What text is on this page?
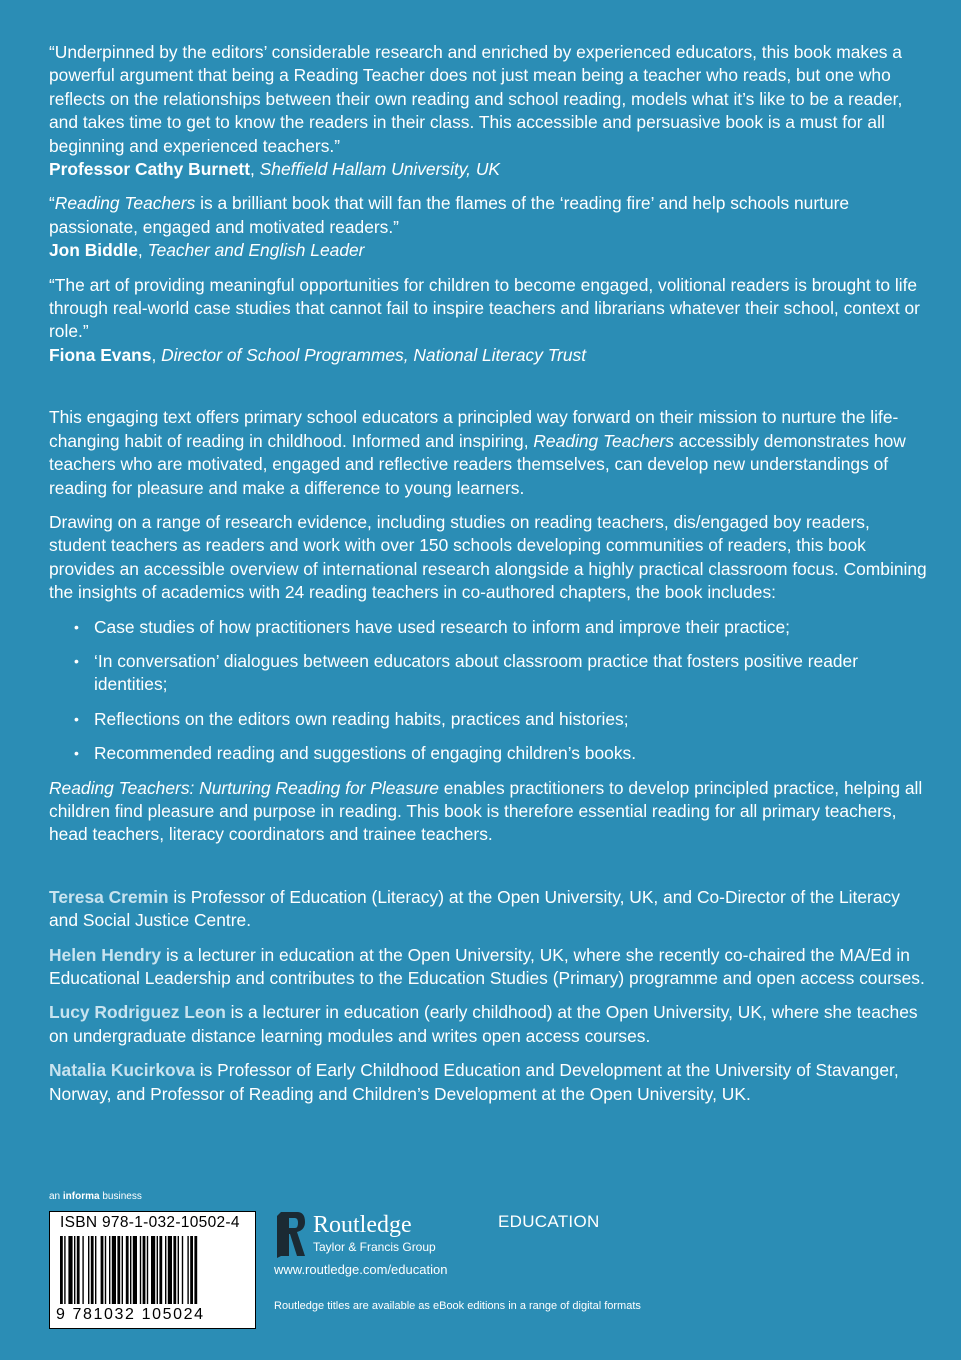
“Underpinned by the editors’ considerable research and enriched by experienced educators, this book makes a powerful argument that being a Reading Teacher does not just mean being a teacher who reads, but one who reflects on the relationships between their own reading and school reading, models what it’s like to be a reader, and takes time to get to know the readers in their class. This accessible and persuasive book is a must for all beginning and experienced teachers.”

Professor Cathy Burnett, Sheffield Hallam University, UK

“Reading Teachers is a brilliant book that will fan the flames of the ‘reading fire’ and help schools nurture passionate, engaged and motivated readers.”

Jon Biddle, Teacher and English Leader

“The art of providing meaningful opportunities for children to become engaged, volitional readers is brought to life through real-world case studies that cannot fail to inspire teachers and librarians whatever their school, context or role.”

Fiona Evans, Director of School Programmes, National Literacy Trust

This engaging text offers primary school educators a principled way forward on their mission to nurture the life-changing habit of reading in childhood. Informed and inspiring, Reading Teachers accessibly demonstrates how teachers who are motivated, engaged and reflective readers themselves, can develop new understandings of reading for pleasure and make a difference to young learners.

Drawing on a range of research evidence, including studies on reading teachers, dis/engaged boy readers, student teachers as readers and work with over 150 schools developing communities of readers, this book provides an accessible overview of international research alongside a highly practical classroom focus. Combining the insights of academics with 24 reading teachers in co-authored chapters, the book includes:

• Case studies of how practitioners have used research to inform and improve their practice;
• ‘In conversation’ dialogues between educators about classroom practice that fosters positive reader identities;
• Reflections on the editors own reading habits, practices and histories;
• Recommended reading and suggestions of engaging children’s books.

Reading Teachers: Nurturing Reading for Pleasure enables practitioners to develop principled practice, helping all children find pleasure and purpose in reading. This book is therefore essential reading for all primary teachers, head teachers, literacy coordinators and trainee teachers.

Teresa Cremin is Professor of Education (Literacy) at the Open University, UK, and Co-Director of the Literacy and Social Justice Centre.

Helen Hendry is a lecturer in education at the Open University, UK, where she recently co-chaired the MA/Ed in Educational Leadership and contributes to the Education Studies (Primary) programme and open access courses.

Lucy Rodriguez Leon is a lecturer in education (early childhood) at the Open University, UK, where she teaches on undergraduate distance learning modules and writes open access courses.

Natalia Kucirkova is Professor of Early Childhood Education and Development at the University of Stavanger, Norway, and Professor of Reading and Children’s Development at the Open University, UK.

an informa business
ISBN 978-1-032-10502-4
9 781032 105024
Routledge
Taylor & Francis Group
www.routledge.com/education
Routledge titles are available as eBook editions in a range of digital formats
EDUCATION
